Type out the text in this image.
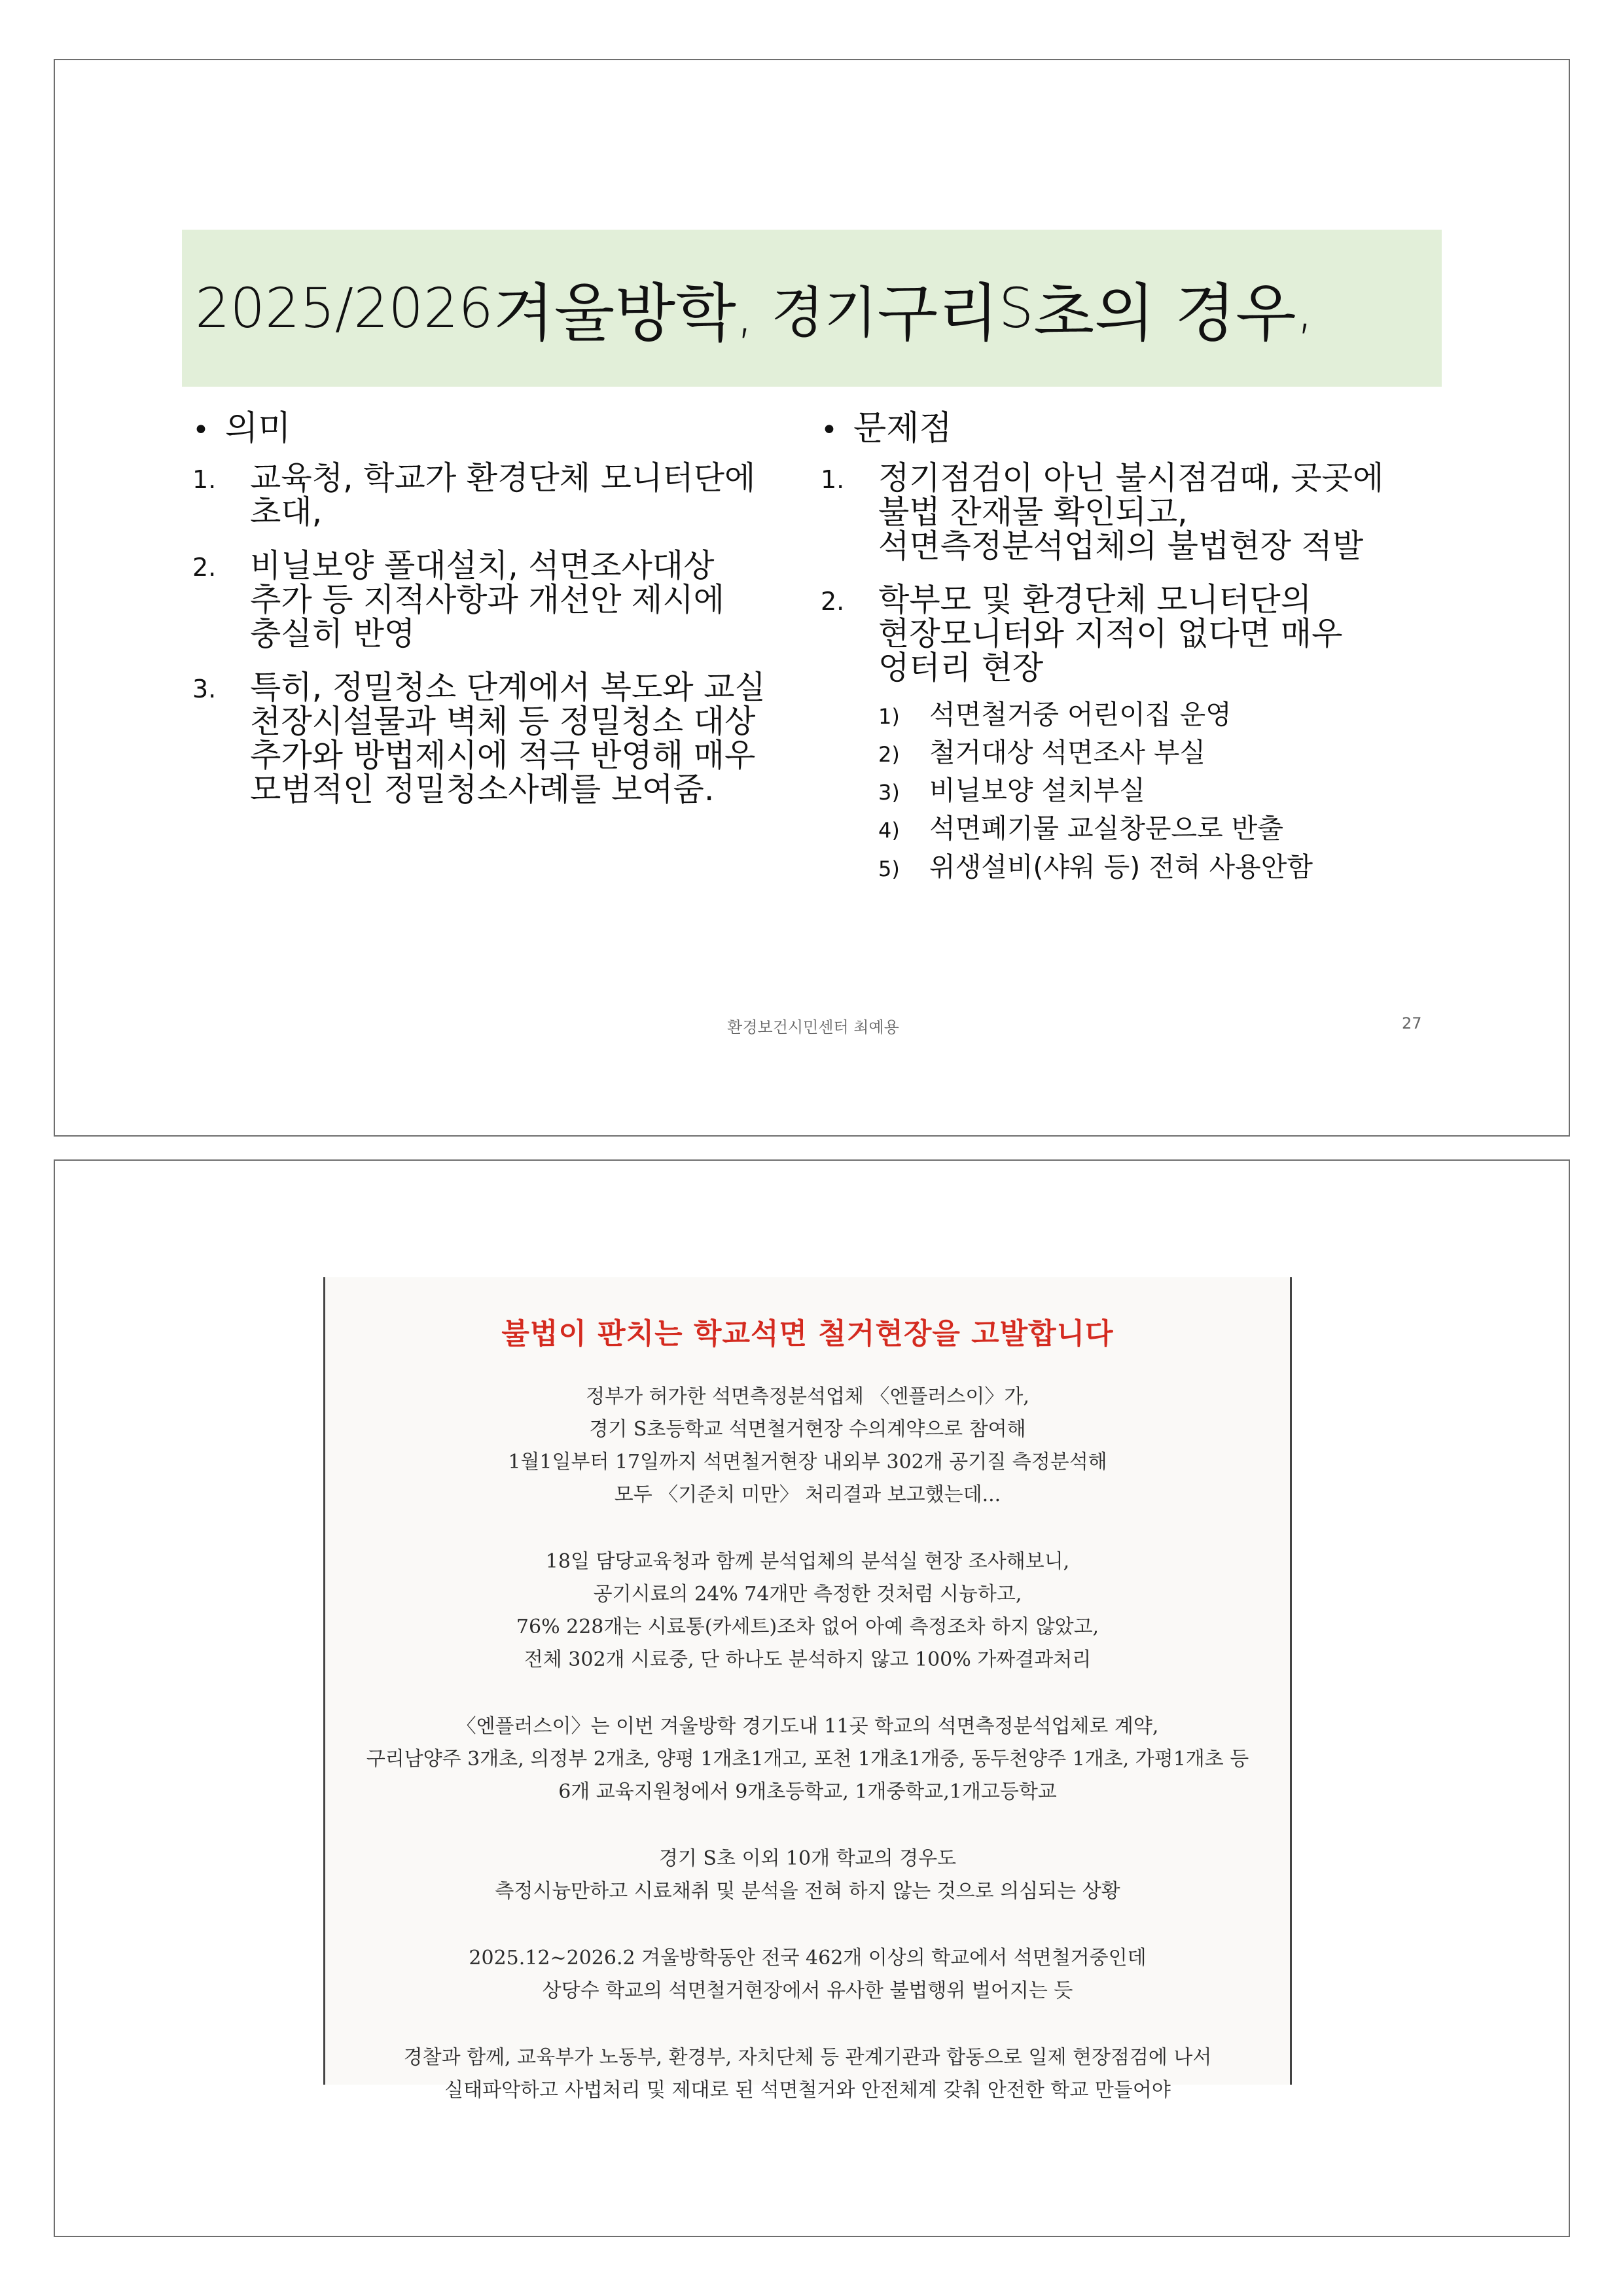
2025/2026 겨울방학 , 경기 구리 S 초의 경우 ,
• 의미
1.	교육청, 학교가 환경단체 모니터단에
초대,
2.	비닐보양 폴대설치, 석면조사대상
추가 등 지적사항과 개선안 제시에
충실히 반영
3.	특히, 정밀청소 단계에서 복도와 교실
천장시설물과 벽체 등 정밀청소 대상
추가와 방법제시에 적극 반영해 매우
모범적인 정밀청소사례를 보여줌.
• 문제점
1.	정기점검이 아닌 불시점검때, 곳곳에
불법 잔재물 확인되고,
석면측정분석업체의 불법현장 적발
2.	학부모 및 환경단체 모니터단의
현장모니터와 지적이 없다면 매우
엉터리 현장
1)	석면철거중 어린이집 운영
2)	철거대상 석면조사 부실
3)	비닐보양 설치부실
4)	석면폐기물 교실창문으로 반출
5)	위생설비(샤워 등) 전혀 사용안함
환경보건시민센터 최예용	27
불법이 판치는 학교석면 철거현장을 고발합니다
정부가 허가한 석면측정분석업체 〈엔플러스이〉가,
경기 S초등학교 석면철거현장 수의계약으로 참여해
1월1일부터 17일까지 석면철거현장 내외부 302개 공기질 측정분석해
모두 〈기준치 미만〉 처리결과 보고했는데...
18일 담당교육청과 함께 분석업체의 분석실 현장 조사해보니,
공기시료의 24% 74개만 측정한 것처럼 시늉하고,
76% 228개는 시료통(카세트)조차 없어 아예 측정조차 하지 않았고,
전체 302개 시료중, 단 하나도 분석하지 않고 100% 가짜결과처리
〈엔플러스이〉는 이번 겨울방학 경기도내 11곳 학교의 석면측정분석업체로 계약,
구리남양주 3개초, 의정부 2개초, 양평 1개초1개고, 포천 1개초1개중, 동두천양주 1개초, 가평1개초 등
6개 교육지원청에서 9개초등학교, 1개중학교,1개고등학교
경기 S초 이외 10개 학교의 경우도
측정시늉만하고 시료채취 및 분석을 전혀 하지 않는 것으로 의심되는 상황
2025.12~2026.2 겨울방학동안 전국 462개 이상의 학교에서 석면철거중인데
상당수 학교의 석면철거현장에서 유사한 불법행위 벌어지는 듯
경찰과 함께, 교육부가 노동부, 환경부, 자치단체 등 관계기관과 합동으로 일제 현장점검에 나서
실태파악하고 사법처리 및 제대로 된 석면철거와 안전체계 갖춰 안전한 학교 만들어야
